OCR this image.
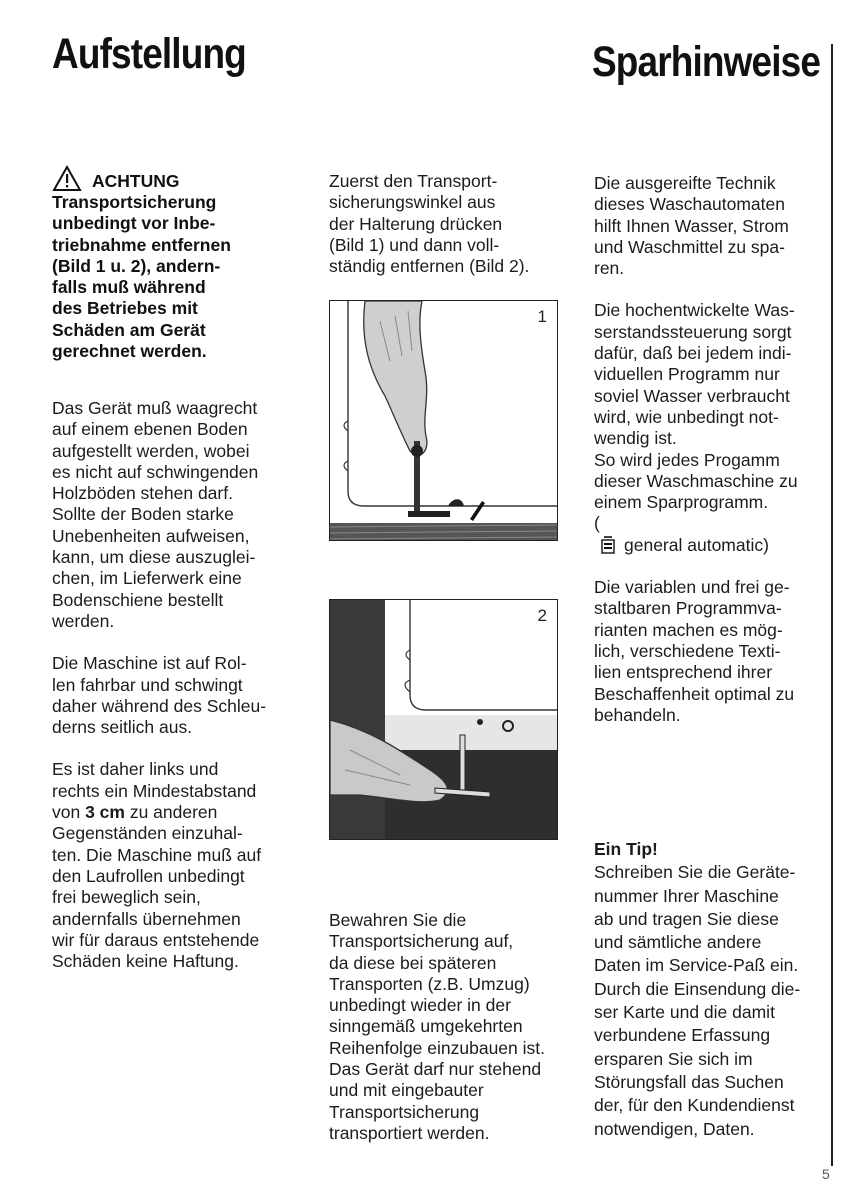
Aufstellung	Sparhinweise
ACHTUNG

Transportsicherung
unbedingt vor Inbe-
triebnahme entfernen
(Bild 1 u. 2), andern-
falls muß während
des Betriebes mit
Schäden am Gerät
gerechnet werden.

Das Gerät muß waagrecht
auf einem ebenen Boden
aufgestellt werden, wobei
es nicht auf schwingenden
Holzböden stehen darf.
Sollte der Boden starke
Unebenheiten aufweisen,
kann, um diese auszuglei-
chen, im Lieferwerk eine
Bodenschiene bestellt
werden.

Die Maschine ist auf Rol-
len fahrbar und schwingt
daher während des Schleu-
derns seitlich aus.

Es ist daher links und
rechts ein Mindestabstand
von 3 cm zu anderen
Gegenständen einzuhal-
ten. Die Maschine muß auf
den Laufrollen unbedingt
frei beweglich sein,
andernfalls übernehmen
wir für daraus entstehende
Schäden keine Haftung.

Zuerst den Transport-
sicherungswinkel aus
der Halterung drücken
(Bild 1) und dann voll-
ständig entfernen (Bild 2).

1
2

Bewahren Sie die
Transportsicherung auf,
da diese bei späteren
Transporten (z.B. Umzug)
unbedingt wieder in der
sinngemäß umgekehrten
Reihenfolge einzubauen ist.
Das Gerät darf nur stehend
und mit eingebauter
Transportsicherung
transportiert werden.

Die ausgereifte Technik
dieses Waschautomaten
hilft Ihnen Wasser, Strom
und Waschmittel zu spa-
ren.

Die hochentwickelte Was-
serstandssteuerung sorgt
dafür, daß bei jedem indi-
viduellen Programm nur
soviel Wasser verbraucht
wird, wie unbedingt not-
wendig ist.
So wird jedes Progamm
dieser Waschmaschine zu
einem Sparprogramm.

(
general automatic)

Die variablen und frei ge-
staltbaren Programmva-
rianten machen es mög-
lich, verschiedene Texti-
lien entsprechend ihrer
Beschaffenheit optimal zu
behandeln.

Ein Tip!

Schreiben Sie die Geräte-
nummer Ihrer Maschine
ab und tragen Sie diese
und sämtliche andere
Daten im Service-Paß ein.
Durch die Einsendung die-
ser Karte und die damit
verbundene Erfassung
ersparen Sie sich im
Störungsfall das Suchen
der, für den Kundendienst
notwendigen, Daten.

5
